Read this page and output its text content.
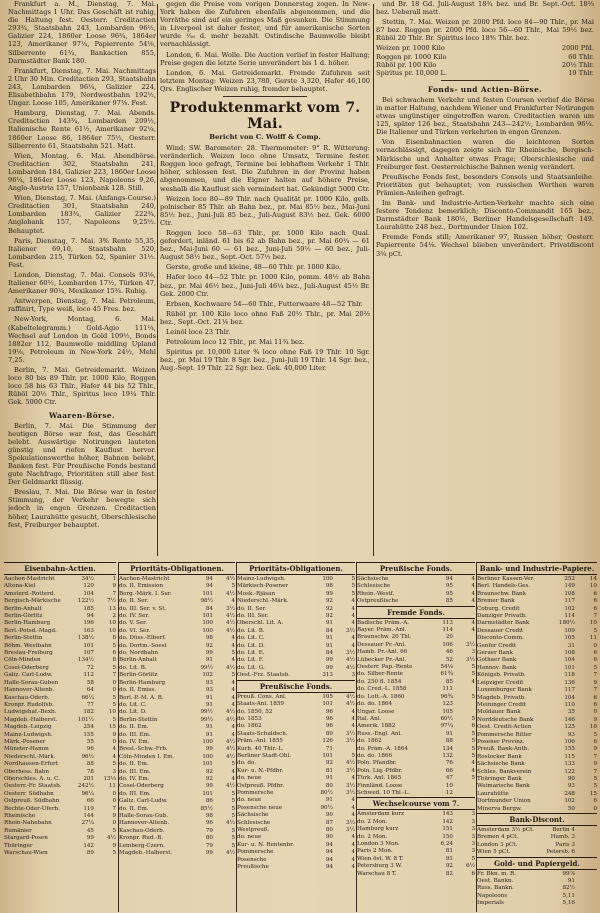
Frankfurt a. M., Dienstag, 7. Mai. Nachmittags 1 Uhr. Das Geschäft ist ruhig, die Haltung fest. Oesterr. Creditactien 293¾, Staatsbahn 243, Lombarden 96½, Galizier 224, 1860er Loose 96¾, 1864er 123, Amerikaner 97¼, Papierrente 54⅛, Silberrente 61¾, Bankactien 855, Darmstädter Bank 180.

Frankfurt, Dienstag, 7. Mai. Nachmittags 2 Uhr 30 Min. Creditactien 293, Staatsbahn 243, Lombarden 96¼, Galizier 224, Elisabethbahn 179, Nordwestbahn 192½, Ungar. Loose 105, Amerikaner 97⅛. Fest.

Hamburg, Dienstag, 7. Mai. Abends. Creditactien 143¾, Lombarden 209½, Italienische Rente 61½, Amerikaner 92¼, 1860er Loose 86, 1864er 75½, Oesterr. Silberrente 61, Staatsbahn 521. Matt.

Wien, Montag, 6. Mai. Abendbörse. Creditactien 302, Staatsbahn 241, Lombarden 184, Galizier 223, 1860er Loose 96¼, 1864er Loose 123, Napoleons 9,26, Anglo-Austria 157, Unionbank 128. Still.

Wien, Dienstag, 7. Mai. (Anfangs-Course.) Creditactien 301, Staatsbahn 240, Lombarden 183¾, Galizier 222¾, Anglobank 157, Napoleons 9,25½. Behauptet.

Paris, Dienstag, 7. Mai. 3% Rente 55,35, Italiener 69,10, Staatsbahn 520, Lombarden 215, Türken 52, Spanier 31½. Fest.

London, Dienstag, 7. Mai. Consols 93⅛, Italiener 60½, Lombarden 17½, Türken 47, Amerikaner 90¼, Mexikaner 15¾. Ruhig.

Antwerpen, Dienstag, 7. Mai. Petroleum, raffinirt, Type weiß, loco 45 Fres. bez.

New-York, Montag, 6. Mai. (Kabeltelegramm.) Gold-Agio 111¼, Wechsel auf London in Gold 109½, Bonds 1882er 112, Baumwolle middling Upland 19⅛, Petroleum in New-York 24½, Mehl 7,25.

Berlin, 7. Mai. Getreidemarkt. Weizen loco 80 bis 89 Thlr. pr. 1000 Kilo, Roggen loco 58 bis 63 Thlr., Hafer 44 bis 52 Thlr., Rüböl 20½ Thlr., Spiritus loco 19¼ Thlr. Gek. 5000 Ctr.

Waaren-Börse.

Berlin, 7. Mai. Die Stimmung der heutigen Börse war fest, das Geschäft belebt. Auswärtige Notirungen lauteten günstig und riefen Kauflust hervor. Spekulationswerthe höher, Bahnen belebt, Banken fest. Für Preußische Fonds bestand gute Nachfrage, Prioritäten still aber fest. Der Geldmarkt flüssig.

Breslau, 7. Mai. Die Börse war in fester Stimmung, der Verkehr bewegte sich jedoch in engen Grenzen. Creditactien höher, Laurahütte gesucht, Oberschlesische fest, Freiburger behauptet.

gegen die Preise vom vorigen Donnerstag zogen. In New-York haben die Zufuhren ebenfalls abgenommen, und die Vorräthe sind auf ein geringes Maß gesunken. Die Stimmung in Liverpool ist daher fester, und für amerikanische Sorten wurde ¹⁄₁₆ d. mehr bezahlt. Ostindische Baumwolle bleibt vernachlässigt.

London, 6. Mai. Wolle. Die Auction verlief in fester Haltung; Preise gegen die letzte Serie unverändert bis 1 d. höher.

London, 6. Mai. Getreidemarkt. Fremde Zufuhren seit letztem Montag: Weizen 23,780, Gerste 3,320, Hafer 46,100 Qrs. Englischer Weizen ruhig, fremder behauptet.

Produktenmarkt vom 7. Mai.
Bericht von C. Wolff & Comp.

Wind: SW. Barometer: 28. Thermometer: 9° R. Witterung: veränderlich. Weizen loco ohne Umsatz, Termine fester. Roggen loco gefragt, Termine bei lebhaftem Verkehr 1 Thlr. höher, schlossen fest. Die Zufuhren in der Provinz haben abgenommen, und die Eigner halten auf höhere Preise, weshalb die Kauflust sich vermindert hat. Gekündigt 5000 Ctr.

Weizen loco 80—89 Thlr. nach Qualität pr. 1000 Kilo, gelb. polnischer 85 Thlr. ab Bahn bez., pr. Mai 85½ bez., Mai-Juni 85½ bez., Juni-Juli 85 bez., Juli-August 83½ bez. Gek. 6000 Ctr.

Roggen loco 58—63 Thlr., pr. 1000 Kilo nach Qual. gefordert, inländ. 61 bis 62 ab Bahn bez., pr. Mai 60¼ — 61 bez., Mai-Juni 60 — 61 bez., Juni-Juli 59½ — 60 bez., Juli-August 58½ bez., Sept.-Oct. 57½ bez.

Gerste, große und kleine, 48—60 Thlr. pr. 1000 Kilo.

Hafer loco 44—52 Thlr. pr. 1000 Kilo, pomm. 48½ ab Bahn bez., pr. Mai 46½ bez., Juni-Juli 46¼ bez., Juli-August 45½ Br. Gek. 2000 Ctr.

Erbsen, Kochwaare 54—60 Thlr., Futterwaare 48—52 Thlr.

Rüböl pr. 100 Kilo loco ohne Faß 20½ Thlr., pr. Mai 20⅔ bez., Sept.-Oct. 21⅙ bez.

Leinöl loco 23 Thlr.

Petroleum loco 12 Thlr., pr. Mai 11¾ bez.

Spiritus pr. 10,000 Liter % loco ohne Faß 19 Thlr. 10 Sgr. bez., pr. Mai 19 Thlr. 8 Sgr. bez., Juni-Juli 19 Thlr. 14 Sgr. bez., Aug.-Sept. 19 Thlr. 22 Sgr. bez. Gek. 40,000 Liter.

und Br. 18 Gd. Juli-August 18¾ bez. und Br. Sept.-Oct. 18⅔ bez. Ueberall matt.

Stettin, 7. Mai. Weizen pr. 2000 Pfd. loco 84—90 Thlr., pr. Mai 87 bez. Roggen pr. 2000 Pfd. loco 56—60 Thlr., Mai 59½ bez. Rüböl 20 Thlr. Br. Spiritus loco 18⅘ Thlr. bez.

Weizen pr. 1000 Kilo	2000 Pfd.
Roggen pr. 1000 Kilo	60 Thlr.
Rüböl pr. 100 Kilo	20½ Thlr.
Spiritus pr. 10,000 L.	19 Thlr.
Fonds- und Actien-Börse.

Bei schwachem Verkehr und festen Coursen verlief die Börse in matter Haltung, nachdem Wiener und Frankfurter Notirungen etwas ungünstiger eingetroffen waren. Creditactien waren um 125, später 126 bez., Staatsbahn 243—242½, Lombarden 96¼. Die Italiener und Türken verkehrten in engen Grenzen.

Von Eisenbahnactien waren die leichteren Sorten vernachlässigt, dagegen zeigte sich für Rheinische, Bergisch-Märkische und Anhalter etwas Frage; Oberschlesische und Freiburger fest. Oesterreichische Bahnen wenig verändert.

Preußische Fonds fest, besonders Consols und Staatsanleihe. Prioritäten gut behauptet; von russischen Werthen waren Prämien-Anleihen gefragt.

Im Bank- und Industrie-Actien-Verkehr machte sich eine festere Tendenz bemerklich; Disconto-Commandit 165 bez., Darmstädter Bank 180½, Berliner Handelsgesellschaft 149. Laurahütte 248 bez., Dortmunder Union 102.

Fremde Fonds still; Amerikaner 97, Russen höher, Oesterr. Papierrente 54⅛. Wechsel blieben unverändert. Privatdiscont 3¾ pCt.

Eisenbahn-Actien.
Aachen-Mastricht	34½	1
Altona-Kiel	120	9
Amsterd.-Rotterd.	104	7
Bergisch-Märkische	122½	7½
Berlin-Anhalt	185	13
Berlin-Görlitz	94	2
Berlin-Hamburg	196	10
Berl.-Potsd.-Magd.	163	10
Berlin-Stettin	138½	8
Böhm. Westbahn	101	5
Breslau-Freiburg	107	6
Cöln-Minden	134½	8
Cosel-Oderberg	72	5
Galiz. Carl-Ludw.	112	7
Halle-Sorau-Guben	58	0
Hannover-Altenb.	64	0
Kaschau-Oderb.	66¼	5
Kronpr. Rudolfsb.	77	5
Ludwigshaf.-Bexb.	182	10
Magdeb.-Halberst.	101½	5
Magdeb.-Leipzig	254	15
Mainz-Ludwigsh.	155	9
Märk.-Posener	55	0
Münster-Hamm	96	4
Niederschl.-Märk.	96½	4
Nordhausen-Erfurt	88	5
Oberhess. Bahn	78	3
Oberschles. A. u. C.	201	13⅓
Oesterr.-Fr. Staatsb.	242½	11
Oesterr. Südbahn	96¼	0
Ostpreuß. Südbahn	66	0
Rechte-Oder-Uferb.	119	7
Rheinische	144	9
Rhein-Nahebahn	27¼	0
Rumänier	45	5
Stargard-Posen	99	4½
Thüringer	142	9
Warschau-Wien	89	5
Prioritäts-Obligationen.
Aachen-Mastricht	94	4½
do. II. Emission	94	5
Berg.-Märk. I. Ser.	101	4½
do. II. Ser.	98½	4
do. III. Ser. v. St.	84	3½
do. IV. Ser.	101	4½
do. V. Ser.	100	4½
do. VI. Ser.	100	4½
do. Düss.-Elberf.	98	4
do. Dortm.-Soest	92	4
do. Nordbahn	99	5
Berlin-Anhalt	91	4
do. Lit. B.	99½	4½
Berlin-Görlitz	102	5
Berlin-Hamburg	93	4
do. II. Emiss.	93	4
Berl.-P.-M. A. B.	91	4
do. Lit. C.	91	4
do. Lit. D.	99½	4½
Berlin-Stettin	99½	4½
do. II. Em.	91	4
do. III. Em.	91	4
do. IV. Em.	100	4½
Bresl.-Schw.-Frb.	99	4½
Cöln-Minden I. Em.	100	4½
do. II. Em.	101	5
do. III. Em.	92	4
do. IV. Em.	92	4
Cosel-Oderberg	99	4½
do. III. Em.	101	5
Galiz. Carl-Ludw.	86	5
do. II. Em.	85½	5
Halle-Sorau-Gub.	98	5
Hannover-Altenb.	96	4½
Kaschau-Oderb.	79	5
Kronpr. Rud.-B.	80	5
Lemberg-Czern.	79	5
Magdeb.-Halberst.	99	4½
Prioritäts-Obligationen.
Mainz-Ludwigsh.	100	5
Märkisch-Posener	98	5
Mosk.-Rjäsan	99	5
Niederschl.-Märk.	92	4
do. II. Ser.	92	4
do. III. Ser.	92	4
Oberschl. Lit. A.	91	4
do. Lit. B.	84	3½
do. Lit. C.	91	4
do. Lit. D.	91	4
do. Lit. E.	84	3½
do. Lit. F.	99	4½
do. Lit. G.	99	4½
Oest.-Frz. Staatsb.	313	3
Preußische Fonds.
Preuß. Cons. Anl.	105	4½
Staats-Anl. 1859	101	4½
do. 1850, 52	96	4
do. 1853	96	4
do. 1862	96	4
Staats-Schuldsch.	89	3½
Präm.-Anl. 1855	126	3½
Kurh. 40 Thlr.-L.	71
Berliner Stadt-Obl.	101	5
do. do.	92	4½
Kur- u. N.-Pfdbr.	81	3½
do. neue	91	4
Ostpreuß. Pfdbr.	80	3½
Pommersche	80½	3½
do. neue	91	4
Posensche neue	90½	4
Sächsische	90	4
Schlesische	87	3½
Westpreuß.	80	3½
do. neue	90	4
Kur- u. N. Rentenbr.	94	4
Pommersche	94	4
Posensche	94	4
Preußische	94	4
Preußische Fonds.
Sächsische	94	4
Schlesische	95	4
Rhein.-Westf.	95	4
Ostpreußische	85	4
Fremde Fonds.
Badische Präm.-A.	113	4
Bayer. Präm.-Anl.	114	4
Braunschw. 20 Thl.	20
Dessauer Pr.-Anl.	106	3½
Hamb. Pr.-Anl. 66	46	3
Lübecker Pr.-Anl.	52	3½
Oesterr. Pap.-Rente	54⅛	5
do. Silber-Rente	61¾	5
do. 250 fl. 1854	85	4
do. Cred.-L. 1858	111
do. Lott.-A. 1860	96¾	5
do. do. 1864	123
Ungar. Loose	105
Ital. Anl.	60½	5
Amerik. 1882	97¼	6
Russ.-Engl. Anl.	91	5
do. 1862	88	5
do. Präm.-A. 1864	134	5
do. do. 1866	132	5
Poln. Pfandbr.	76	4
Poln. Liq.-Pfdbr.	66	4
Türk. Anl. 1865	47	5
Finnländ. Loose	10
Schwed. 10 Thl.-L.	12
Wechselcourse vom 7.
Amsterdam kurz	143	3
do. 2 Mon.	142	3
Hamburg kurz	151	3
do. 2 Mon.	150	3
London 3 Mon.	6,24	3
Paris 2 Mon.	81	3
Wien öst. W. 8 T.	91	5
Petersburg 3 W.	92	6½
Warschau 8 T.	82	6
Bank- und Industrie-Papiere.
Berliner Kassen-Ver.	252	14
Berl. Handels-Ges.	149	10
Braunschw. Bank	108	6
Bremer Bank	117	6
Coburg. Credit	102	6
Danziger Privatb.	114	7
Darmstädter Bank	180½	10
Dessauer Credit	109	5
Disconto-Comm.	165	11
Genfer Credit	31	0
Geraer Bank	108	6
Gothaer Bank	104	6
Hannov. Bank	101	5
Königsb. Privatb.	118	7
Leipziger Credit	136	9
Luxemburger Bank	117	7
Magdeb. Privatb.	104	6
Meininger Credit	110	6
Moldauer Bank	35	0
Norddeutsche Bank	146	9
Oest. Credit-Actien	125	10
Pommersche Ritter	93	5
Posener Provinz.	106	6
Preuß. Bank-Anth.	155	9
Rostocker Bank	115	7
Sächsische Bank	133	9
Schles. Bankverein	122	7
Thüringer Bank	90	5
Weimarische Bank	93	5
Laurahütte	248	15
Dortmunder Union	102	6
Minerva Bergw.	50	0
Bank-Discont.
Amsterdam 3½ pCt.	Berlin 4
Bremen 4 pCt.	Hamb. 3
London 3 pCt.	Paris 3
Wien 5 pCt.	Petersb. 6
Gold- und Papiergeld.
Fr. Bkn. m. R.	99⅞
Oest. Bankn.	91
Russ. Bankn.	82½
Napoleons	5,11
Imperials	5,16
